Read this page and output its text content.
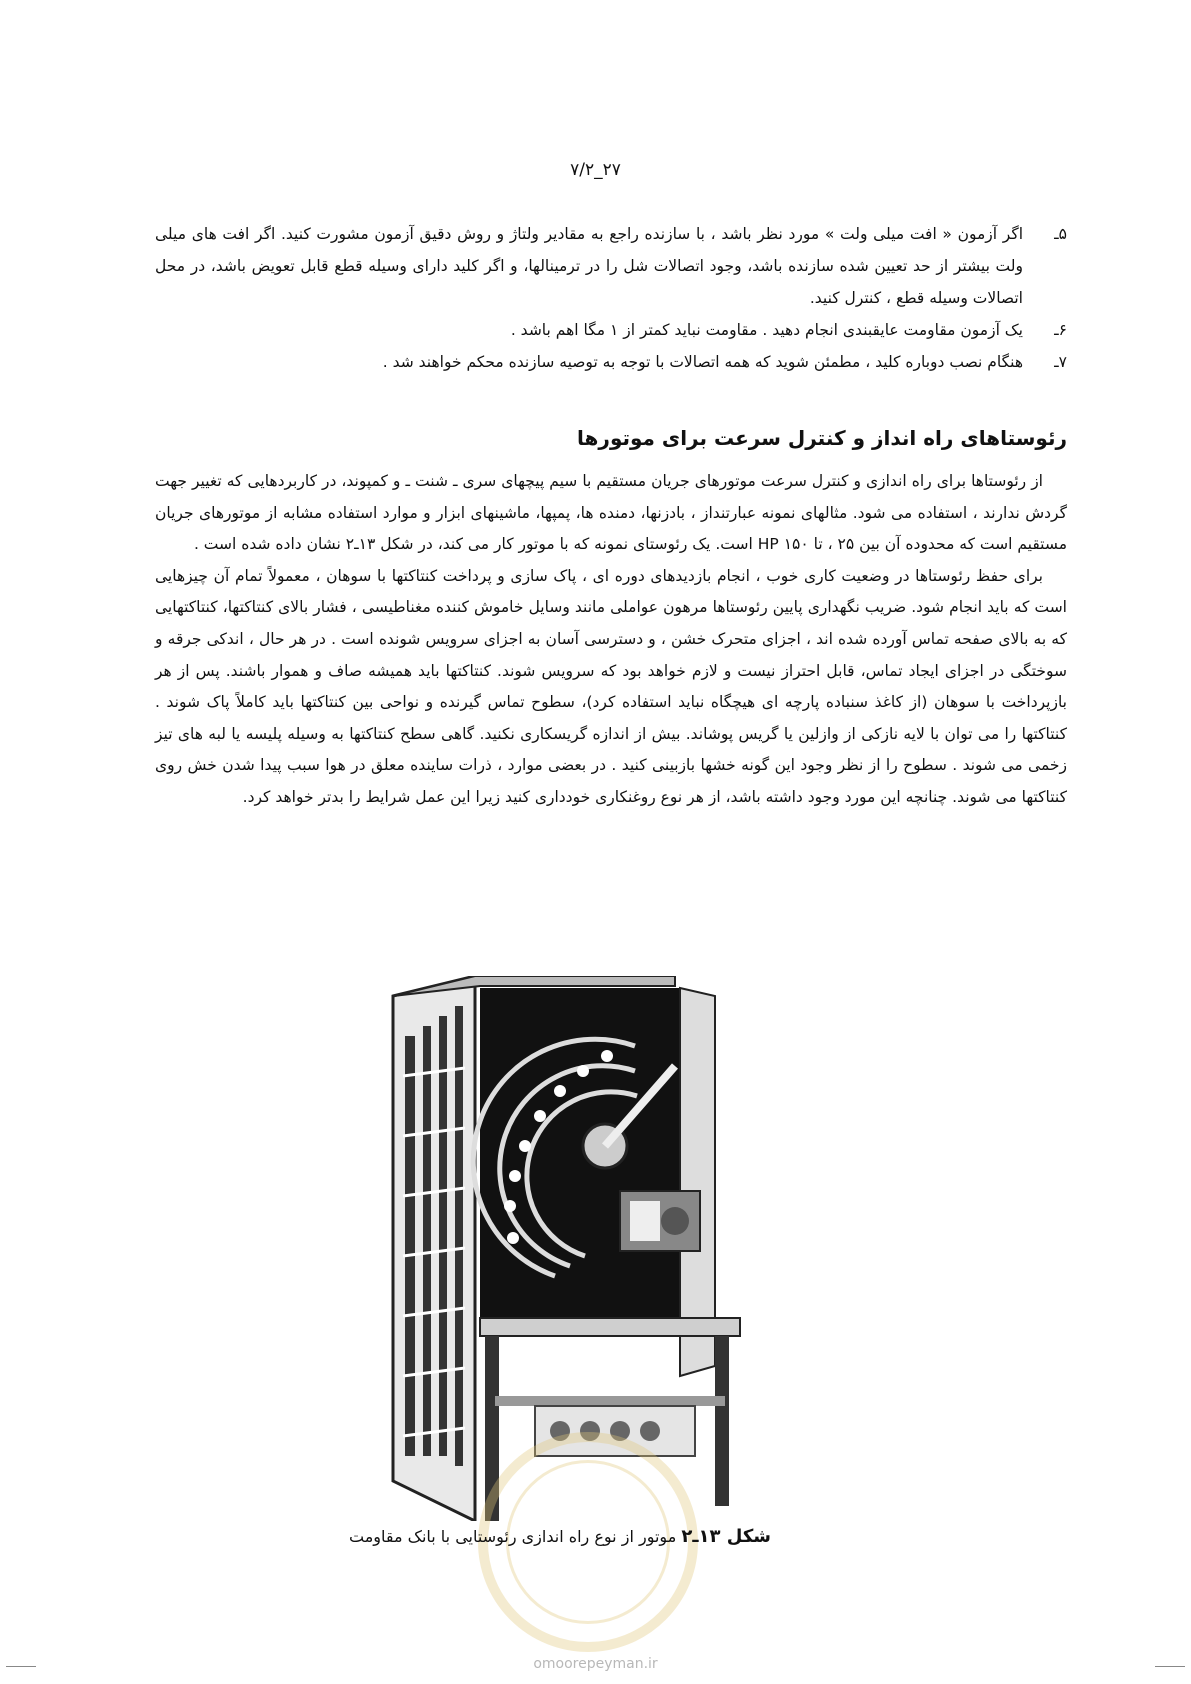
۷/۲_۲۷
۵ـ
اگر آزمون « افت میلی ولت » مورد نظر باشد ، با سازنده راجع به مقادیر ولتاژ و روش دقیق آزمون مشورت کنید. اگر افت های میلی ولت بیشتر از حد تعیین شده سازنده باشد، وجود اتصالات شل را در ترمینالها، و اگر کلید دارای وسیله قطع قابل تعویض باشد، در محل اتصالات وسیله قطع ، کنترل کنید.
۶ـ
یک آزمون مقاومت عایقبندی انجام دهید . مقاومت نباید کمتر از ۱ مگا اهم باشد .
۷ـ
هنگام نصب دوباره کلید ، مطمئن شوید که همه اتصالات با توجه به توصیه سازنده محکم خواهند شد .
رئوستاهای راه انداز و کنترل سرعت برای موتورها

از رئوستاها برای راه اندازی و کنترل سرعت موتورهای جریان مستقیم با سیم پیچهای سری ـ شنت ـ و کمپوند، در کاربردهایی که تغییر جهت گردش ندارند ، استفاده می شود. مثالهای نمونه عبارتنداز ، بادزنها، دمنده ها، پمپها، ماشینهای ابزار و موارد استفاده مشابه از موتورهای جریان مستقیم است که محدوده آن بین ۲۵ ، تا ۱۵۰ HP است. یک رئوستای نمونه که با موتور کار می کند، در شکل ۱۳ـ۲ نشان داده شده است .

برای حفظ رئوستاها در وضعیت کاری خوب ، انجام بازدیدهای دوره ای ، پاک سازی و پرداخت کنتاکتها با سوهان ، معمولاً تمام آن چیزهایی است که باید انجام شود. ضریب نگهداری پایین رئوستاها مرهون عواملی مانند وسایل خاموش کننده مغناطیسی ، فشار بالای کنتاکتها، کنتاکتهایی که به بالای صفحه تماس آورده شده اند ، اجزای متحرک خشن ، و دسترسی آسان به اجزای سرویس شونده است . در هر حال ، اندکی جرقه و سوختگی در اجزای ایجاد تماس، قابل احتراز نیست و لازم خواهد بود که سرویس شوند. کنتاکتها باید همیشه صاف و هموار باشند. پس از هر بازپرداخت با سوهان (از کاغذ سنباده پارچه ای هیچگاه نباید استفاده کرد)، سطوح تماس گیرنده و نواحی بین کنتاکتها باید کاملاً پاک شوند . کنتاکتها را می توان با لایه نازکی از وازلین یا گریس پوشاند. بیش از اندازه گریسکاری نکنید. گاهی سطح کنتاکتها به وسیله پلیسه یا لبه های تیز زخمی می شوند . سطوح را از نظر وجود این گونه خشها بازبینی کنید . در بعضی موارد ، ذرات ساینده معلق در هوا سبب پیدا شدن خش روی کنتاکتها می شوند. چنانچه این مورد وجود داشته باشد، از هر نوع روغنکاری خودداری کنید زیرا این عمل شرایط را بدتر خواهد کرد.

شکل ۱۳ـ۲ موتور از نوع راه اندازی رئوستایی با بانک مقاومت
omoorepeyman.ir
